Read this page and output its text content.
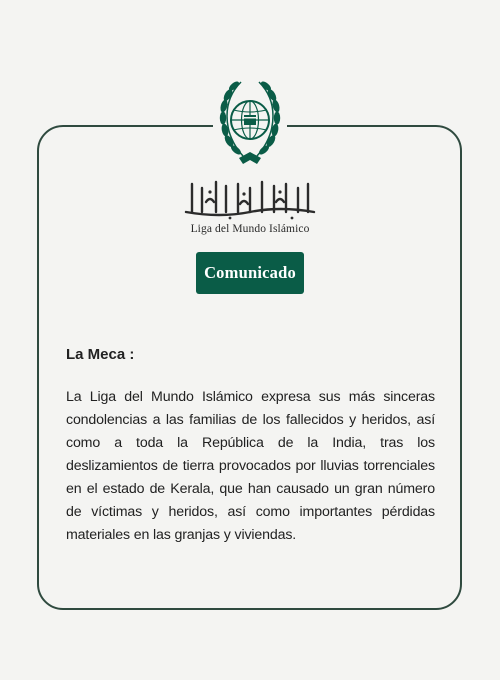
Liga del Mundo Islámico
Comunicado
La Meca :
La Liga del Mundo Islámico expresa sus más sinceras condolencias a las familias de los fallecidos y heridos, así como a toda la República de la India, tras los deslizamientos de tierra provocados por lluvias torrenciales en el estado de Kerala, que han causado un gran número de víctimas y heridos, así como importantes pérdidas materiales en las granjas y viviendas.
